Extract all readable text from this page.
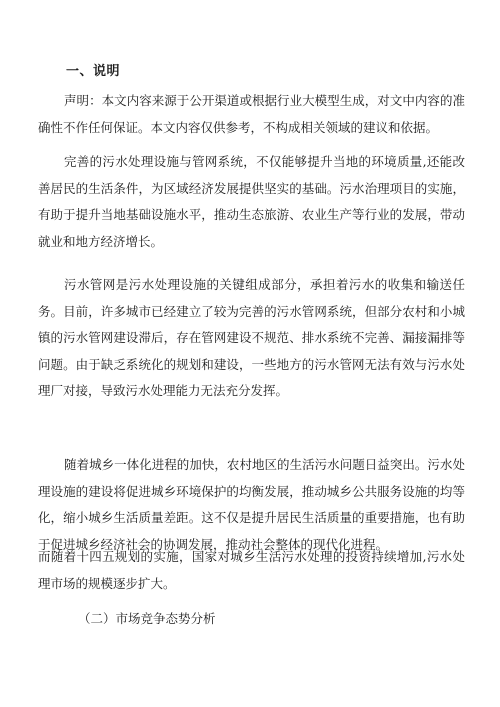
一、说明

声明：本文内容来源于公开渠道或根据行业大模型生成，对文中内容的准确性不作任何保证。本文内容仅供参考，不构成相关领域的建议和依据。

完善的污水处理设施与管网系统，不仅能够提升当地的环境质量,还能改善居民的生活条件，为区域经济发展提供坚实的基础。污水治理项目的实施，有助于提升当地基础设施水平，推动生态旅游、农业生产等行业的发展，带动就业和地方经济增长。

污水管网是污水处理设施的关键组成部分，承担着污水的收集和输送任务。目前，许多城市已经建立了较为完善的污水管网系统，但部分农村和小城镇的污水管网建设滞后，存在管网建设不规范、排水系统不完善、漏接漏排等问题。由于缺乏系统化的规划和建设，一些地方的污水管网无法有效与污水处理厂对接，导致污水处理能力无法充分发挥。

随着城乡一体化进程的加快，农村地区的生活污水问题日益突出。污水处理设施的建设将促进城乡环境保护的均衡发展，推动城乡公共服务设施的均等化，缩小城乡生活质量差距。这不仅是提升居民生活质量的重要措施，也有助于促进城乡经济社会的协调发展，推动社会整体的现代化进程。

而随着十四五规划的实施，国家对城乡生活污水处理的投资持续增加,污水处理市场的规模逐步扩大。

（二）市场竞争态势分析
